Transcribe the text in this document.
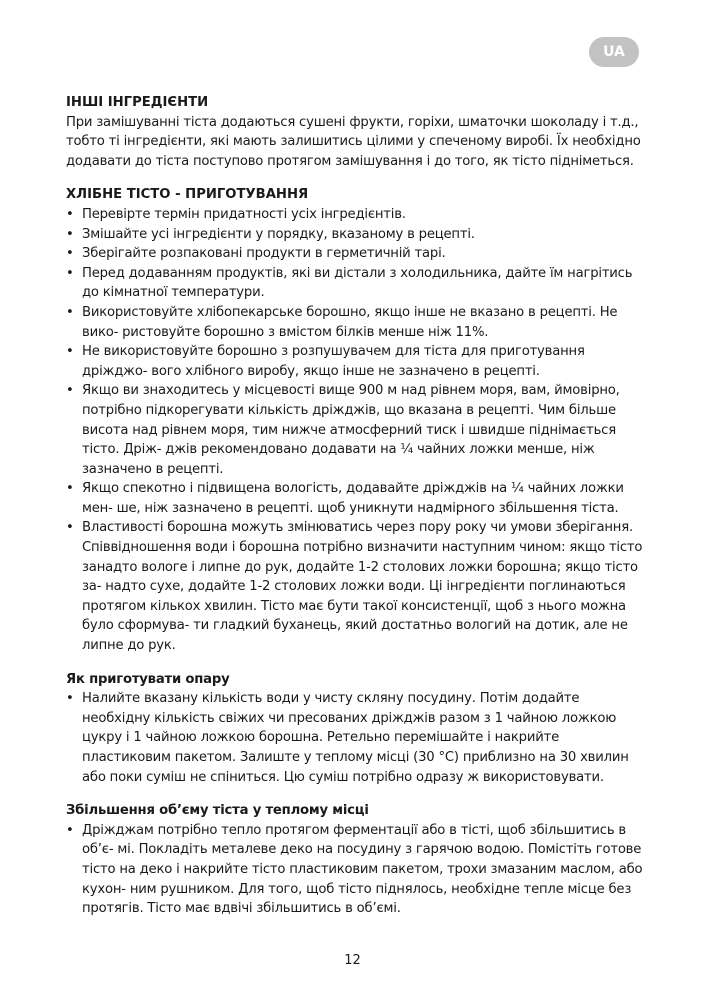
UA

ІНШІ ІНГРЕДІЄНТИ

При замішуванні тіста додаються сушені фрукти, горіхи, шматочки шоколаду і т.д., тобто ті інгредієнти, які мають залишитись цілими у спеченому виробі. Їх необхідно додавати до тіста поступово протягом замішування і до того, як тісто підніметься.

ХЛІБНЕ ТІСТО - ПРИГОТУВАННЯ

• Перевірте термін придатності усіх інгредієнтів.
• Змішайте усі інгредієнти у порядку, вказаному в рецепті.
• Зберігайте розпаковані продукти в герметичній тарі.
• Перед додаванням продуктів, які ви дістали з холодильника, дайте їм нагрітись до кімнатної температури.
• Використовуйте хлібопекарське борошно, якщо інше не вказано в рецепті. Не вико- ристовуйте борошно з вмістом білків менше ніж 11%.
• Не використовуйте борошно з розпушувачем для тіста для приготування дріжджо- вого хлібного виробу, якщо інше не зазначено в рецепті.
• Якщо ви знаходитесь у місцевості вище 900 м над рівнем моря, вам, ймовірно, потрібно підкорегувати кількість дріжджів, що вказана в рецепті. Чим більше висота над рівнем моря, тим нижче атмосферний тиск і швидше піднімається тісто. Дріж- джів рекомендовано додавати на ¼ чайних ложки менше, ніж зазначено в рецепті.
• Якщо спекотно і підвищена вологість, додавайте дріжджів на ¼ чайних ложки мен- ше, ніж зазначено в рецепті. щоб уникнути надмірного збільшення тіста.
• Властивості борошна можуть змінюватись через пору року чи умови зберігання. Співвідношення води і борошна потрібно визначити наступним чином: якщо тісто занадто вологе і липне до рук, додайте 1-2 столових ложки борошна; якщо тісто за- надто сухе, додайте 1-2 столових ложки води. Ці інгредієнти поглинаються протягом кількох хвилин. Тісто має бути такої консистенції, щоб з нього можна було сформува- ти гладкий буханець, який достатньо вологий на дотик, але не липне до рук.

Як приготувати опару

• Налийте вказану кількість води у чисту скляну посудину. Потім додайте необхідну кількість свіжих чи пресованих дріжджів разом з 1 чайною ложкою цукру і 1 чайною ложкою борошна. Ретельно перемішайте і накрийте пластиковим пакетом. Залиште у теплому місці (30 °C) приблизно на 30 хвилин або поки суміш не спіниться. Цю суміш потрібно одразу ж використовувати.

Збільшення об’єму тіста у теплому місці

• Дріжджам потрібно тепло протягом ферментації або в тісті, щоб збільшитись в об’є- мі. Покладіть металеве деко на посудину з гарячою водою. Помістіть готове тісто на деко і накрийте тісто пластиковим пакетом, трохи змазаним маслом, або кухон- ним рушником. Для того, щоб тісто піднялось, необхідне тепле місце без протягів. Тісто має вдвічі збільшитись в об’ємі.
12
